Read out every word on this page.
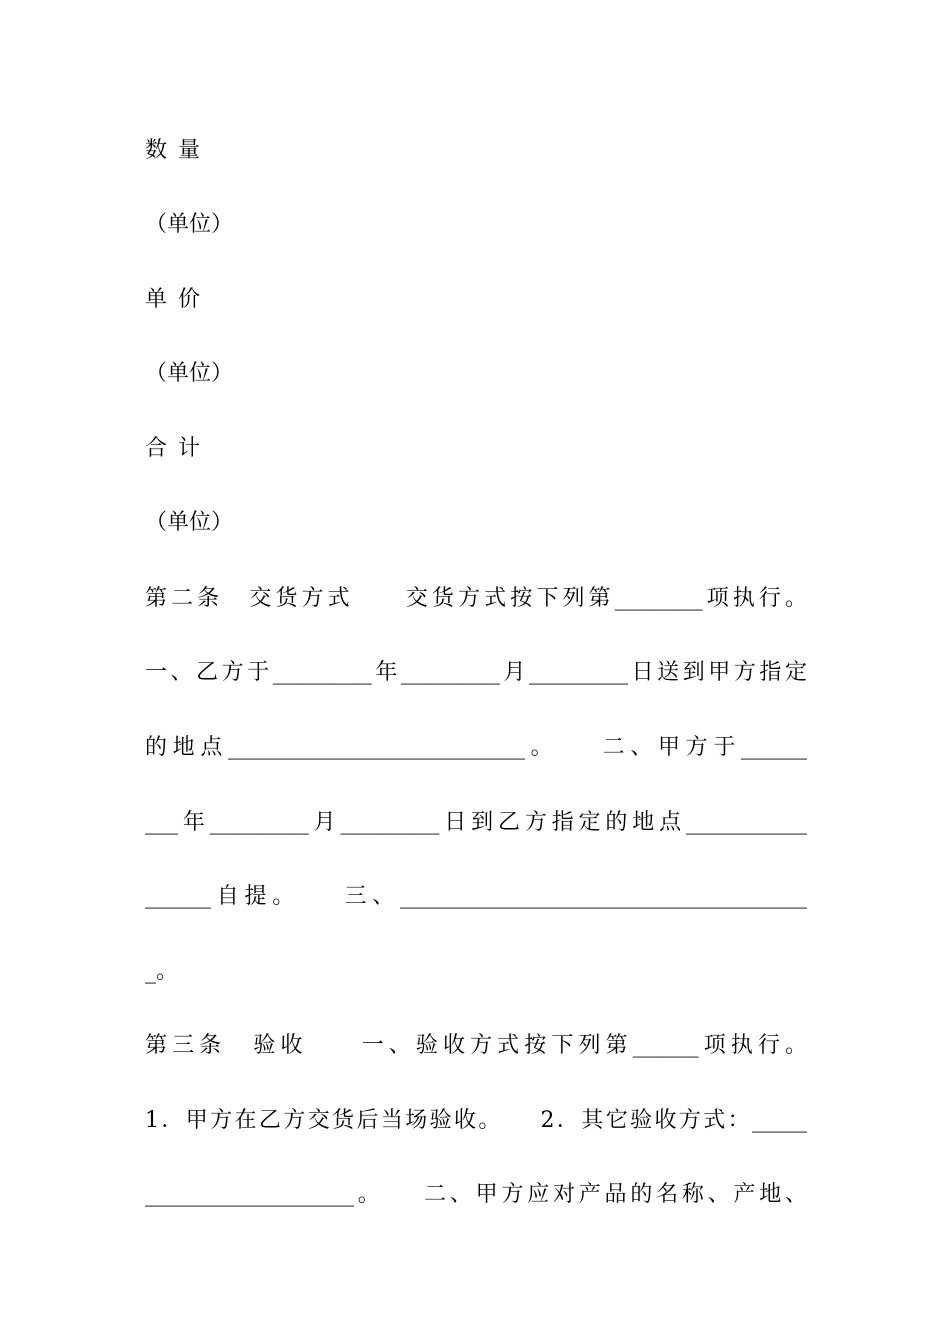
数 量
（单位）
单 价
（单位）
合 计
（单位）
第二条　交货方式　　交货方式按下列第________项执行。
一、乙方于_________年_________月_________日送到甲方指定
的地点___________________________。　　二、甲方于______
___年_________月_________日到乙方指定的地点___________
______自提。　　三、_____________________________________
_。
第三条　验收　　一、验收方式按下列第______项执行。
1．甲方在乙方交货后当场验收。　　2．其它验收方式：_____
___________________。　　二、甲方应对产品的名称、产地、
